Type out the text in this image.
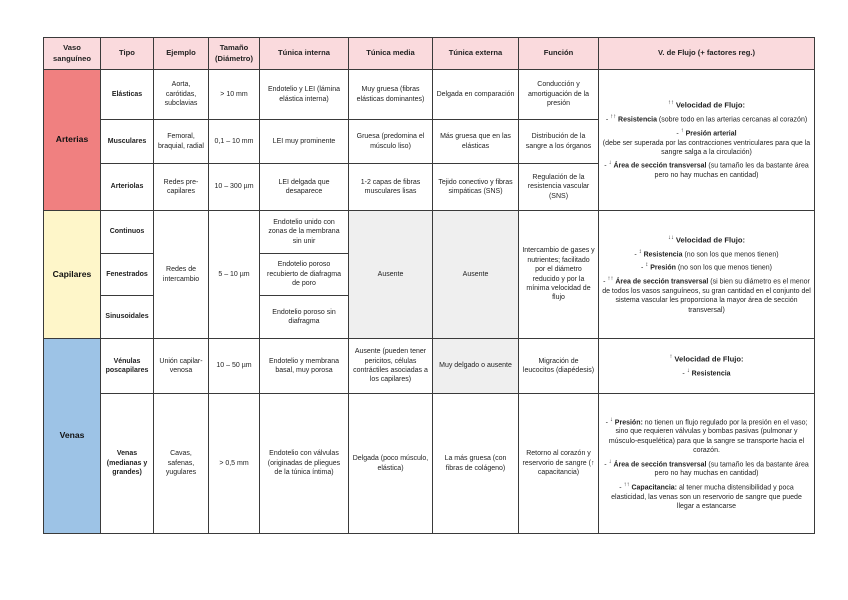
Vaso sanguíneo	Tipo	Ejemplo	Tamaño (Diámetro)	Túnica interna	Túnica media	Túnica externa	Función	V. de Flujo (+ factores reg.)
Arterias	Elásticas	Aorta, carótidas, subclavias	> 10 mm	Endotelio y LEI (lámina elástica interna)	Muy gruesa (fibras elásticas dominantes)	Delgada en comparación	Conducción y amortiguación de la presión	↑↑ Velocidad de Flujo:

- ↑↑ Resistencia (sobre todo en las arterias cercanas al corazón)

- ↑ Presión arterial
(debe ser superada por las contracciones ventriculares para que la sangre salga a la circulación)

- ↓ Área de sección transversal (su tamaño les da bastante área pero no hay muchas en cantidad)

	Musculares	Femoral, braquial, radial	0,1 – 10 mm	LEI muy prominente	Gruesa (predomina el músculo liso)	Más gruesa que en las elásticas	Distribución de la sangre a los órganos	
	Arteriolas	Redes pre-capilares	10 – 300 µm	LEI delgada que desaparece	1-2 capas de fibras musculares lisas	Tejido conectivo y fibras simpáticas (SNS)	Regulación de la resistencia vascular (SNS)	
Capilares	Continuos	Redes de intercambio	5 – 10 µm	Endotelio unido con zonas de la membrana sin unir	Ausente	Ausente	Intercambio de gases y nutrientes; facilitado por el diámetro reducido y por la mínima velocidad de flujo	↓↓ Velocidad de Flujo:

- ↕ Resistencia (no son los que menos tienen)

- ↕ Presión (no son los que menos tienen)

- ↑↑ Área de sección transversal (si bien su diámetro es el menor de todos los vasos sanguíneos, su gran cantidad en el conjunto del sistema vascular les proporciona la mayor área de sección transversal)

	Fenestrados			Endotelio poroso recubierto de diafragma de poro				
	Sinusoidales			Endotelio poroso sin diafragma				
Venas	Vénulas poscapilares	Unión capilar-venosa	10 – 50 µm	Endotelio y membrana basal, muy porosa	Ausente (pueden tener pericitos, células contráctiles asociadas a los capilares)	Muy delgado o ausente	Migración de leucocitos (diapédesis)	↑ Velocidad de Flujo:

- ↓ Resistencia

	Venas (medianas y grandes)	Cavas, safenas, yugulares	> 0,5 mm	Endotelio con válvulas (originadas de pliegues de la túnica íntima)	Delgada (poco músculo, elástica)	La más gruesa (con fibras de colágeno)	Retorno al corazón y reservorio de sangre (↑ capacitancia)	- ↓ Presión: no tienen un flujo regulado por la presión en el vaso; sino que requieren válvulas y bombas pasivas (pulmonar y músculo-esquelética) para que la sangre se transporte hacia el corazón.

- ↓ Área de sección transversal (su tamaño les da bastante área pero no hay muchas en cantidad)

- ↑↑ Capacitancia: al tener mucha distensibilidad y poca elasticidad, las venas son un reservorio de sangre que puede llegar a estancarse
